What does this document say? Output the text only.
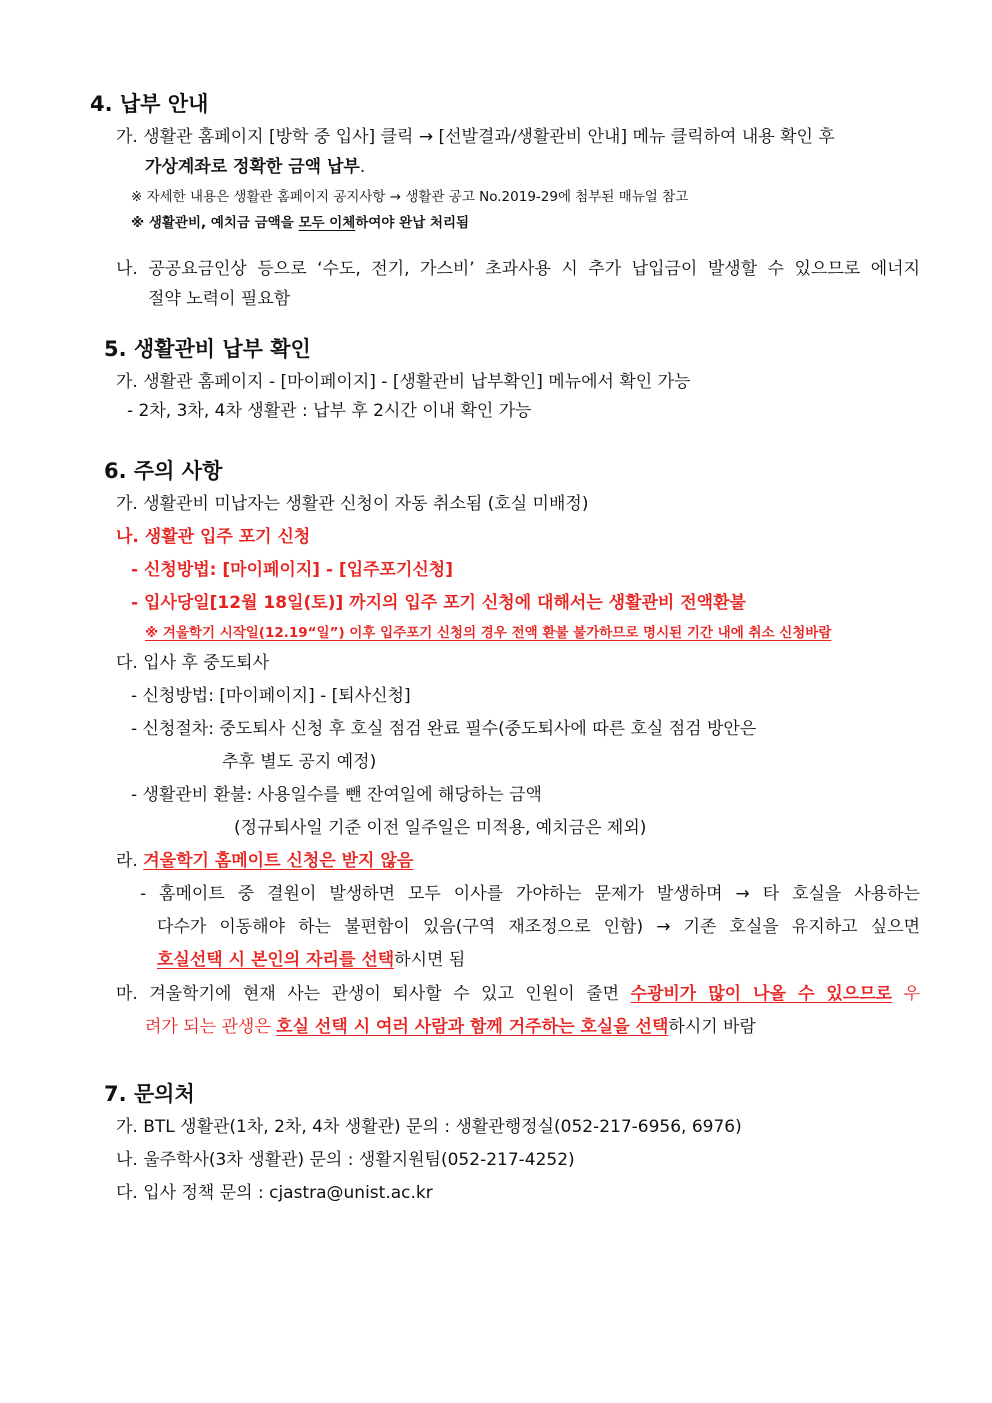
4. 납부 안내
가. 생활관 홈페이지 [방학 중 입사] 클릭 → [선발결과/생활관비 안내] 메뉴 클릭하여 내용 확인 후
가상계좌로 정확한 금액 납부.
※ 자세한 내용은 생활관 홈페이지 공지사항 → 생활관 공고 No.2019-29에 첨부된 매뉴얼 참고
※ 생활관비, 예치금 금액을 모두 이체하여야 완납 처리됨
나. 공공요금인상 등으로 ‘수도, 전기, 가스비’ 초과사용 시 추가 납입금이 발생할 수 있으므로 에너지
절약 노력이 필요함
5. 생활관비 납부 확인
가. 생활관 홈페이지 - [마이페이지] - [생활관비 납부확인] 메뉴에서 확인 가능
- 2차, 3차, 4차 생활관 : 납부 후 2시간 이내 확인 가능
6. 주의 사항
가. 생활관비 미납자는 생활관 신청이 자동 취소됨 (호실 미배정)
나. 생활관 입주 포기 신청
- 신청방법: [마이페이지] - [입주포기신청]
- 입사당일[12월 18일(토)] 까지의 입주 포기 신청에 대해서는 생활관비 전액환불
※ 겨울학기 시작일(12.19“일”) 이후 입주포기 신청의 경우 전액 환불 불가하므로 명시된 기간 내에 취소 신청바람
다. 입사 후 중도퇴사
- 신청방법: [마이페이지] - [퇴사신청]
- 신청절차: 중도퇴사 신청 후 호실 점검 완료 필수(중도퇴사에 따른 호실 점검 방안은
추후 별도 공지 예정)
- 생활관비 환불: 사용일수를 뺀 잔여일에 해당하는 금액
(정규퇴사일 기준 이전 일주일은 미적용, 예치금은 제외)
라. 겨울학기 홈메이트 신청은 받지 않음
- 홈메이트 중 결원이 발생하면 모두 이사를 가야하는 문제가 발생하며 → 타 호실을 사용하는
다수가 이동해야 하는 불편함이 있음(구역 재조정으로 인함) → 기존 호실을 유지하고 싶으면
호실선택 시 본인의 자리를 선택하시면 됨
마. 겨울학기에 현재 사는 관생이 퇴사할 수 있고 인원이 줄면 수광비가 많이 나올 수 있으므로 우
려가 되는 관생은 호실 선택 시 여러 사람과 함께 거주하는 호실을 선택하시기 바람
7. 문의처
가. BTL 생활관(1차, 2차, 4차 생활관) 문의 : 생활관행정실(052-217-6956, 6976)
나. 울주학사(3차 생활관) 문의 : 생활지원팀(052-217-4252)
다. 입사 정책 문의 : cjastra@unist.ac.kr
